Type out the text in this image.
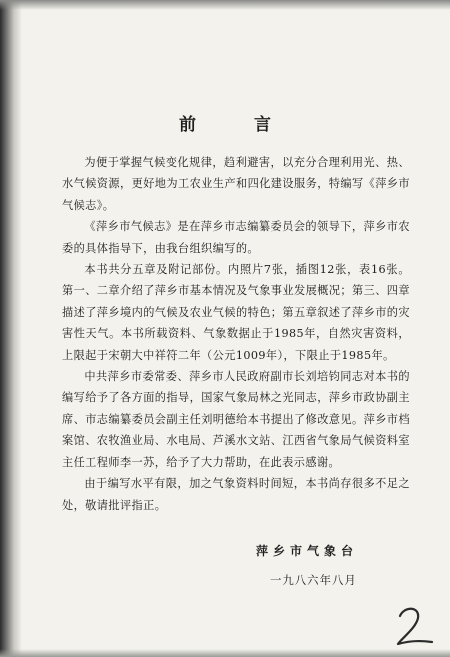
前 言

为便于掌握气候变化规律，趋利避害，以充分合理利用光、热、水气候资源，更好地为工农业生产和四化建设服务，特编写《萍乡市气候志》。

《萍乡市气候志》是在萍乡市志编纂委员会的领导下，萍乡市农委的具体指导下，由我台组织编写的。

本书共分五章及附记部份。内照片7张，插图12张，表16张。第一、二章介绍了萍乡市基本情况及气象事业发展概况；第三、四章描述了萍乡境内的气候及农业气候的特色；第五章叙述了萍乡市的灾害性天气。本书所载资料、气象数据止于1985年，自然灾害资料，上限起于宋朝大中祥符二年（公元1009年），下限止于1985年。

中共萍乡市委常委、萍乡市人民政府副市长刘培钧同志对本书的编写给予了各方面的指导，国家气象局林之光同志，萍乡市政协副主席、市志编纂委员会副主任刘明德给本书提出了修改意见。萍乡市档案馆、农牧渔业局、水电局、芦溪水文站、江西省气象局气候资料室主任工程师李一苏，给予了大力帮助，在此表示感谢。

由于编写水平有限，加之气象资料时间短，本书尚存很多不足之处，敬请批评指正。

萍乡市气象台
一九八六年八月
